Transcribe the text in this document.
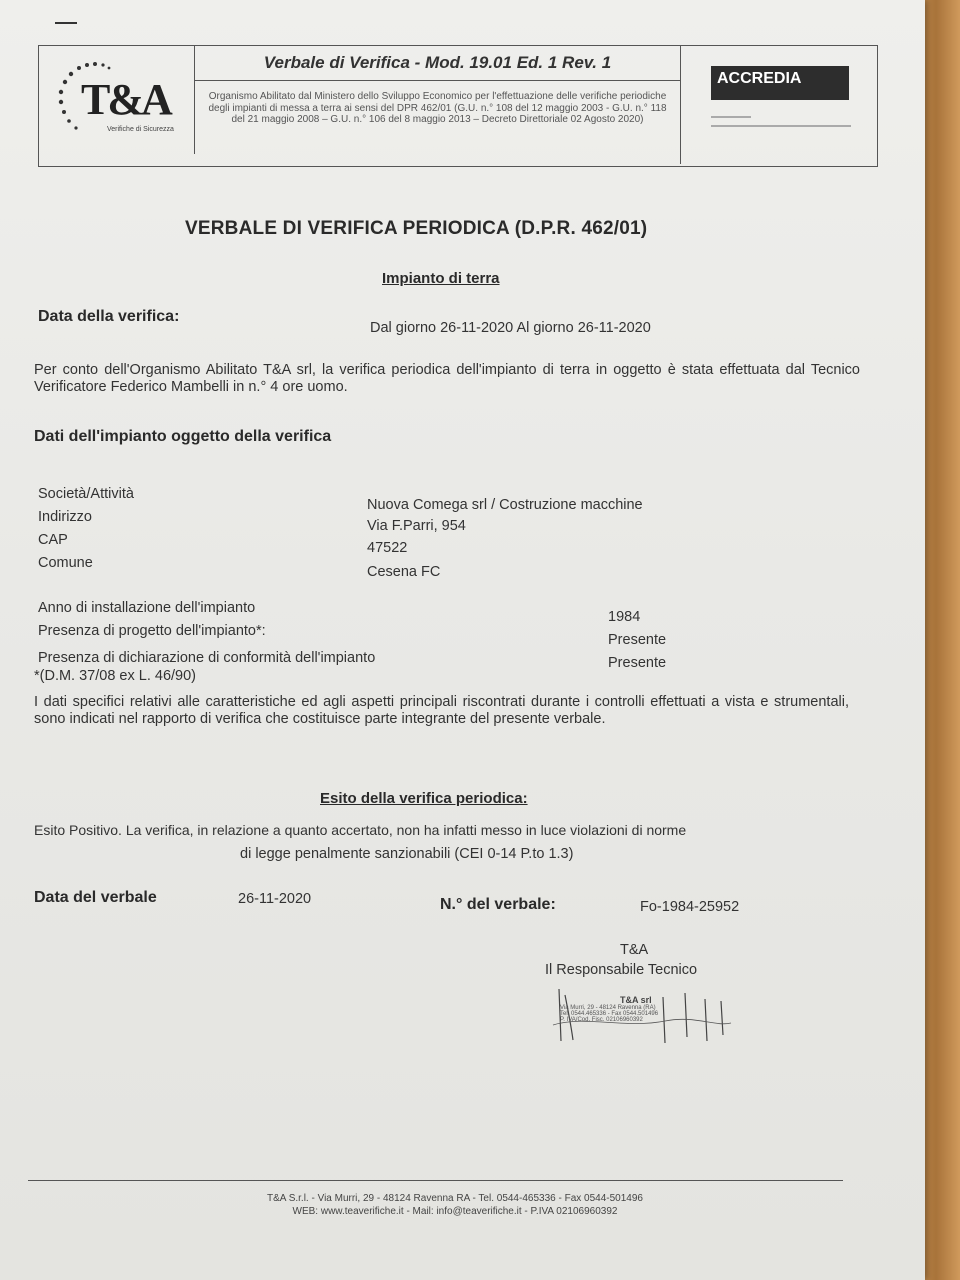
T&A
Verifiche di Sicurezza
Verbale di Verifica - Mod. 19.01 Ed. 1 Rev. 1
Organismo Abilitato dal Ministero dello Sviluppo Economico per l'effettuazione delle verifiche periodiche degli impianti di messa a terra ai sensi del DPR 462/01 (G.U. n.° 108 del 12 maggio 2003 - G.U. n.° 118 del 21 maggio 2008 – G.U. n.° 106 del 8 maggio 2013 – Decreto Direttoriale 02 Agosto 2020)
ACCREDIA
VERBALE DI VERIFICA PERIODICA (D.P.R. 462/01)
Impianto di terra
Data della verifica:
Dal giorno 26-11-2020 Al giorno 26-11-2020
Per conto dell'Organismo Abilitato T&A srl, la verifica periodica dell'impianto di terra in oggetto è stata effettuata dal Tecnico Verificatore Federico Mambelli in n.° 4 ore uomo.
Dati dell'impianto oggetto della verifica
Società/Attività
Nuova Comega srl / Costruzione macchine
Indirizzo
Via F.Parri, 954
CAP	47522
Comune
Cesena FC
Anno di installazione dell'impianto
1984
Presenza di progetto dell'impianto*:
Presente
Presenza di dichiarazione di conformità dell'impianto	Presente
*(D.M. 37/08 ex L. 46/90)
I dati specifici relativi alle caratteristiche ed agli aspetti principali riscontrati durante i controlli effettuati a vista e strumentali, sono indicati nel rapporto di verifica che costituisce parte integrante del presente verbale.
Esito della verifica periodica:
Esito Positivo. La verifica, in relazione a quanto accertato, non ha infatti messo in luce violazioni di norme
di legge penalmente sanzionabili (CEI 0-14 P.to 1.3)
Data del verbale	26-11-2020	N.° del verbale:	Fo-1984-25952
T&A
Il Responsabile Tecnico
T&A srl
Via Murri, 29 - 48124 Ravenna (RA)
Tel. 0544.465336 - Fax 0544.501496
P. IVA/Cod. Fisc. 02106960392
T&A S.r.l. - Via Murri, 29 - 48124 Ravenna RA - Tel. 0544-465336 - Fax 0544-501496
WEB: www.teaverifiche.it - Mail: info@teaverifiche.it - P.IVA 02106960392
